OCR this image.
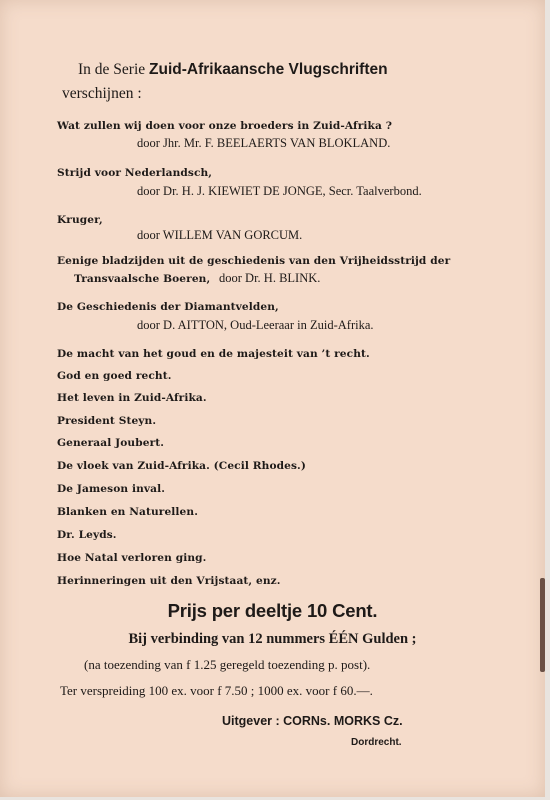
In de Serie Zuid-Afrikaansche Vlugschriften
verschijnen :
Wat zullen wij doen voor onze broeders in Zuid-Afrika ?
door Jhr. Mr. F. BEELAERTS VAN BLOKLAND.
Strijd voor Nederlandsch,
door Dr. H. J. KIEWIET DE JONGE, Secr. Taalverbond.
Kruger,
door WILLEM VAN GORCUM.
Eenige bladzijden uit de geschiedenis van den Vrijheidsstrijd der
Transvaalsche Boeren, door Dr. H. BLINK.
De Geschiedenis der Diamantvelden,
door D. AITTON, Oud-Leeraar in Zuid-Afrika.
De macht van het goud en de majesteit van ’t recht.
God en goed recht.
Het leven in Zuid-Afrika.
President Steyn.
Generaal Joubert.
De vloek van Zuid-Afrika. (Cecil Rhodes.)
De Jameson inval.
Blanken en Naturellen.
Dr. Leyds.
Hoe Natal verloren ging.
Herinneringen uit den Vrijstaat, enz.
Prijs per deeltje 10 Cent.
Bij verbinding van 12 nummers ÉÉN Gulden ;
(na toezending van f 1.25 geregeld toezending p. post).
Ter verspreiding 100 ex. voor f 7.50 ; 1000 ex. voor f 60.—.
Uitgever : CORNs. MORKS Cz.
Dordrecht.
